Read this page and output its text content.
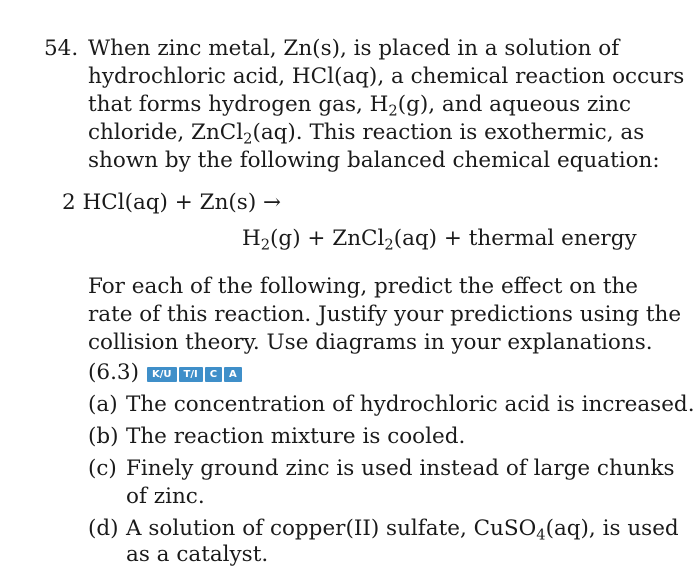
54. When zinc metal, Zn(s), is placed in a solution of
hydrochloric acid, HCl(aq), a chemical reaction occurs
that forms hydrogen gas, $H_2(g)$, and aqueous zinc
chloride, ZnCl$_2$(aq). This reaction is exothermic, as
shown by the following balanced chemical equation:
2 HCl(aq) + Zn(s) →
$H_2(g)$ + ZnCl$_2$(aq) + thermal energy
For each of the following, predict the effect on the
rate of this reaction. Justify your predictions using the
collision theory. Use diagrams in your explanations.
(6.3) K/U T/I C A
(a) The concentration of hydrochloric acid is increased.
(b) The reaction mixture is cooled.
(c) Finely ground zinc is used instead of large chunks
of zinc.
(d) A solution of copper(II) sulfate, CuSO$_4$(aq), is used
as a catalyst.
